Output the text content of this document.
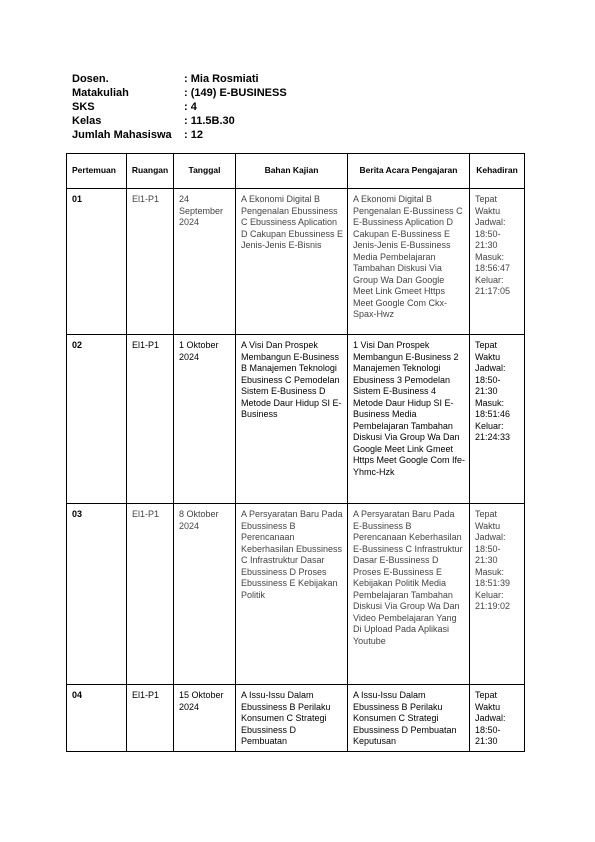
Dosen.	: Mia Rosmiati
Matakuliah	: (149) E-BUSINESS
SKS	: 4
Kelas	: 11.5B.30
Jumlah Mahasiswa	: 12
Pertemuan	Ruangan	Tanggal	Bahan Kajian	Berita Acara Pengajaran	Kehadiran
01	El1-P1	24 September 2024	A Ekonomi Digital B Pengenalan Ebussiness C Ebussiness Aplication D Cakupan Ebussiness E Jenis-Jenis E-Bisnis	A Ekonomi Digital B Pengenalan E-Bussiness C E-Bussiness Aplication D Cakupan E-Bussiness E Jenis-Jenis E-Bussiness Media Pembelajaran Tambahan Diskusi Via Group Wa Dan Google Meet Link Gmeet Https Meet Google Com Ckx-Spax-Hwz	Tepat Waktu Jadwal: 18:50-21:30 Masuk: 18:56:47 Keluar: 21:17:05
02	El1-P1	1 Oktober 2024	A Visi Dan Prospek Membangun E-Business B Manajemen Teknologi Ebusiness C Pemodelan Sistem E-Business D Metode Daur Hidup SI E-Business	1 Visi Dan Prospek Membangun E-Business 2 Manajemen Teknologi Ebusiness 3 Pemodelan Sistem E-Business 4 Metode Daur Hidup SI E-Business Media Pembelajaran Tambahan Diskusi Via Group Wa Dan Google Meet Link Gmeet Https Meet Google Com Ife-Yhmc-Hzk	Tepat Waktu Jadwal: 18:50-21:30 Masuk: 18:51:46 Keluar: 21:24:33
03	El1-P1	8 Oktober 2024	A Persyaratan Baru Pada Ebussiness B Perencanaan Keberhasilan Ebussiness C Infrastruktur Dasar Ebussiness D Proses Ebussiness E Kebijakan Politik	A Persyaratan Baru Pada E-Bussiness B Perencanaan Keberhasilan E-Bussiness C Infrastruktur Dasar E-Bussiness D Proses E-Bussiness E Kebijakan Politik Media Pembelajaran Tambahan Diskusi Via Group Wa Dan Video Pembelajaran Yang Di Upload Pada Aplikasi Youtube	Tepat Waktu Jadwal: 18:50-21:30 Masuk: 18:51:39 Keluar: 21:19:02
04	El1-P1	15 Oktober 2024	A Issu-Issu Dalam Ebussiness B Perilaku Konsumen C Strategi Ebussiness D Pembuatan	A Issu-Issu Dalam Ebussiness B Perilaku Konsumen C Strategi Ebussiness D Pembuatan Keputusan	Tepat Waktu Jadwal: 18:50-21:30
